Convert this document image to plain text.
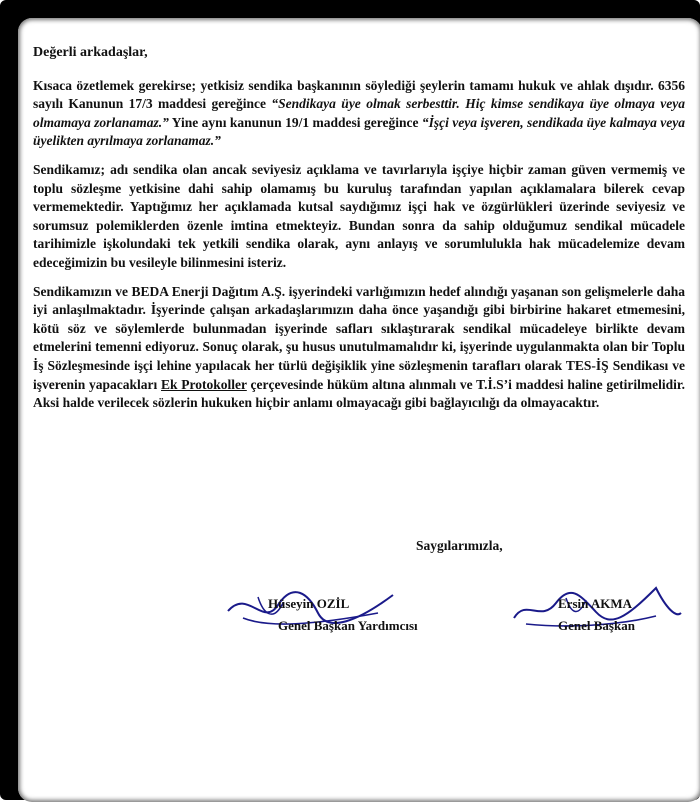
Değerli arkadaşlar,

Kısaca özetlemek gerekirse; yetkisiz sendika başkanının söylediği şeylerin tamamı hukuk ve ahlak dışıdır. 6356 sayılı Kanunun 17/3 maddesi gereğince “Sendikaya üye olmak serbesttir. Hiç kimse sendikaya üye olmaya veya olmamaya zorlanamaz.” Yine aynı kanunun 19/1 maddesi gereğince “İşçi veya işveren, sendikada üye kalmaya veya üyelikten ayrılmaya zorlanamaz.”

Sendikamız; adı sendika olan ancak seviyesiz açıklama ve tavırlarıyla işçiye hiçbir zaman güven vermemiş ve toplu sözleşme yetkisine dahi sahip olamamış bu kuruluş tarafından yapılan açıklamalara bilerek cevap vermemektedir. Yaptığımız her açıklamada kutsal saydığımız işçi hak ve özgürlükleri üzerinde seviyesiz ve sorumsuz polemiklerden özenle imtina etmekteyiz. Bundan sonra da sahip olduğumuz sendikal mücadele tarihimizle işkolundaki tek yetkili sendika olarak, aynı anlayış ve sorumlulukla hak mücadelemize devam edeceğimizin bu vesileyle bilinmesini isteriz.

Sendikamızın ve BEDA Enerji Dağıtım A.Ş. işyerindeki varlığımızın hedef alındığı yaşanan son gelişmelerle daha iyi anlaşılmaktadır. İşyerinde çalışan arkadaşlarımızın daha önce yaşandığı gibi birbirine hakaret etmemesini, kötü söz ve söylemlerde bulunmadan işyerinde safları sıklaştırarak sendikal mücadeleye birlikte devam etmelerini temenni ediyoruz. Sonuç olarak, şu husus unutulmamalıdır ki, işyerinde uygulanmakta olan bir Toplu İş Sözleşmesinde işçi lehine yapılacak her türlü değişiklik yine sözleşmenin tarafları olarak TES-İŞ Sendikası ve işverenin yapacakları Ek Protokoller çerçevesinde hüküm altına alınmalı ve T.İ.S’i maddesi haline getirilmelidir. Aksi halde verilecek sözlerin hukuken hiçbir anlamı olmayacağı gibi bağlayıcılığı da olmayacaktır.

Saygılarımızla,
Hüseyin OZİL
Genel Başkan Yardımcısı
Ersin AKMA
Genel Başkan
